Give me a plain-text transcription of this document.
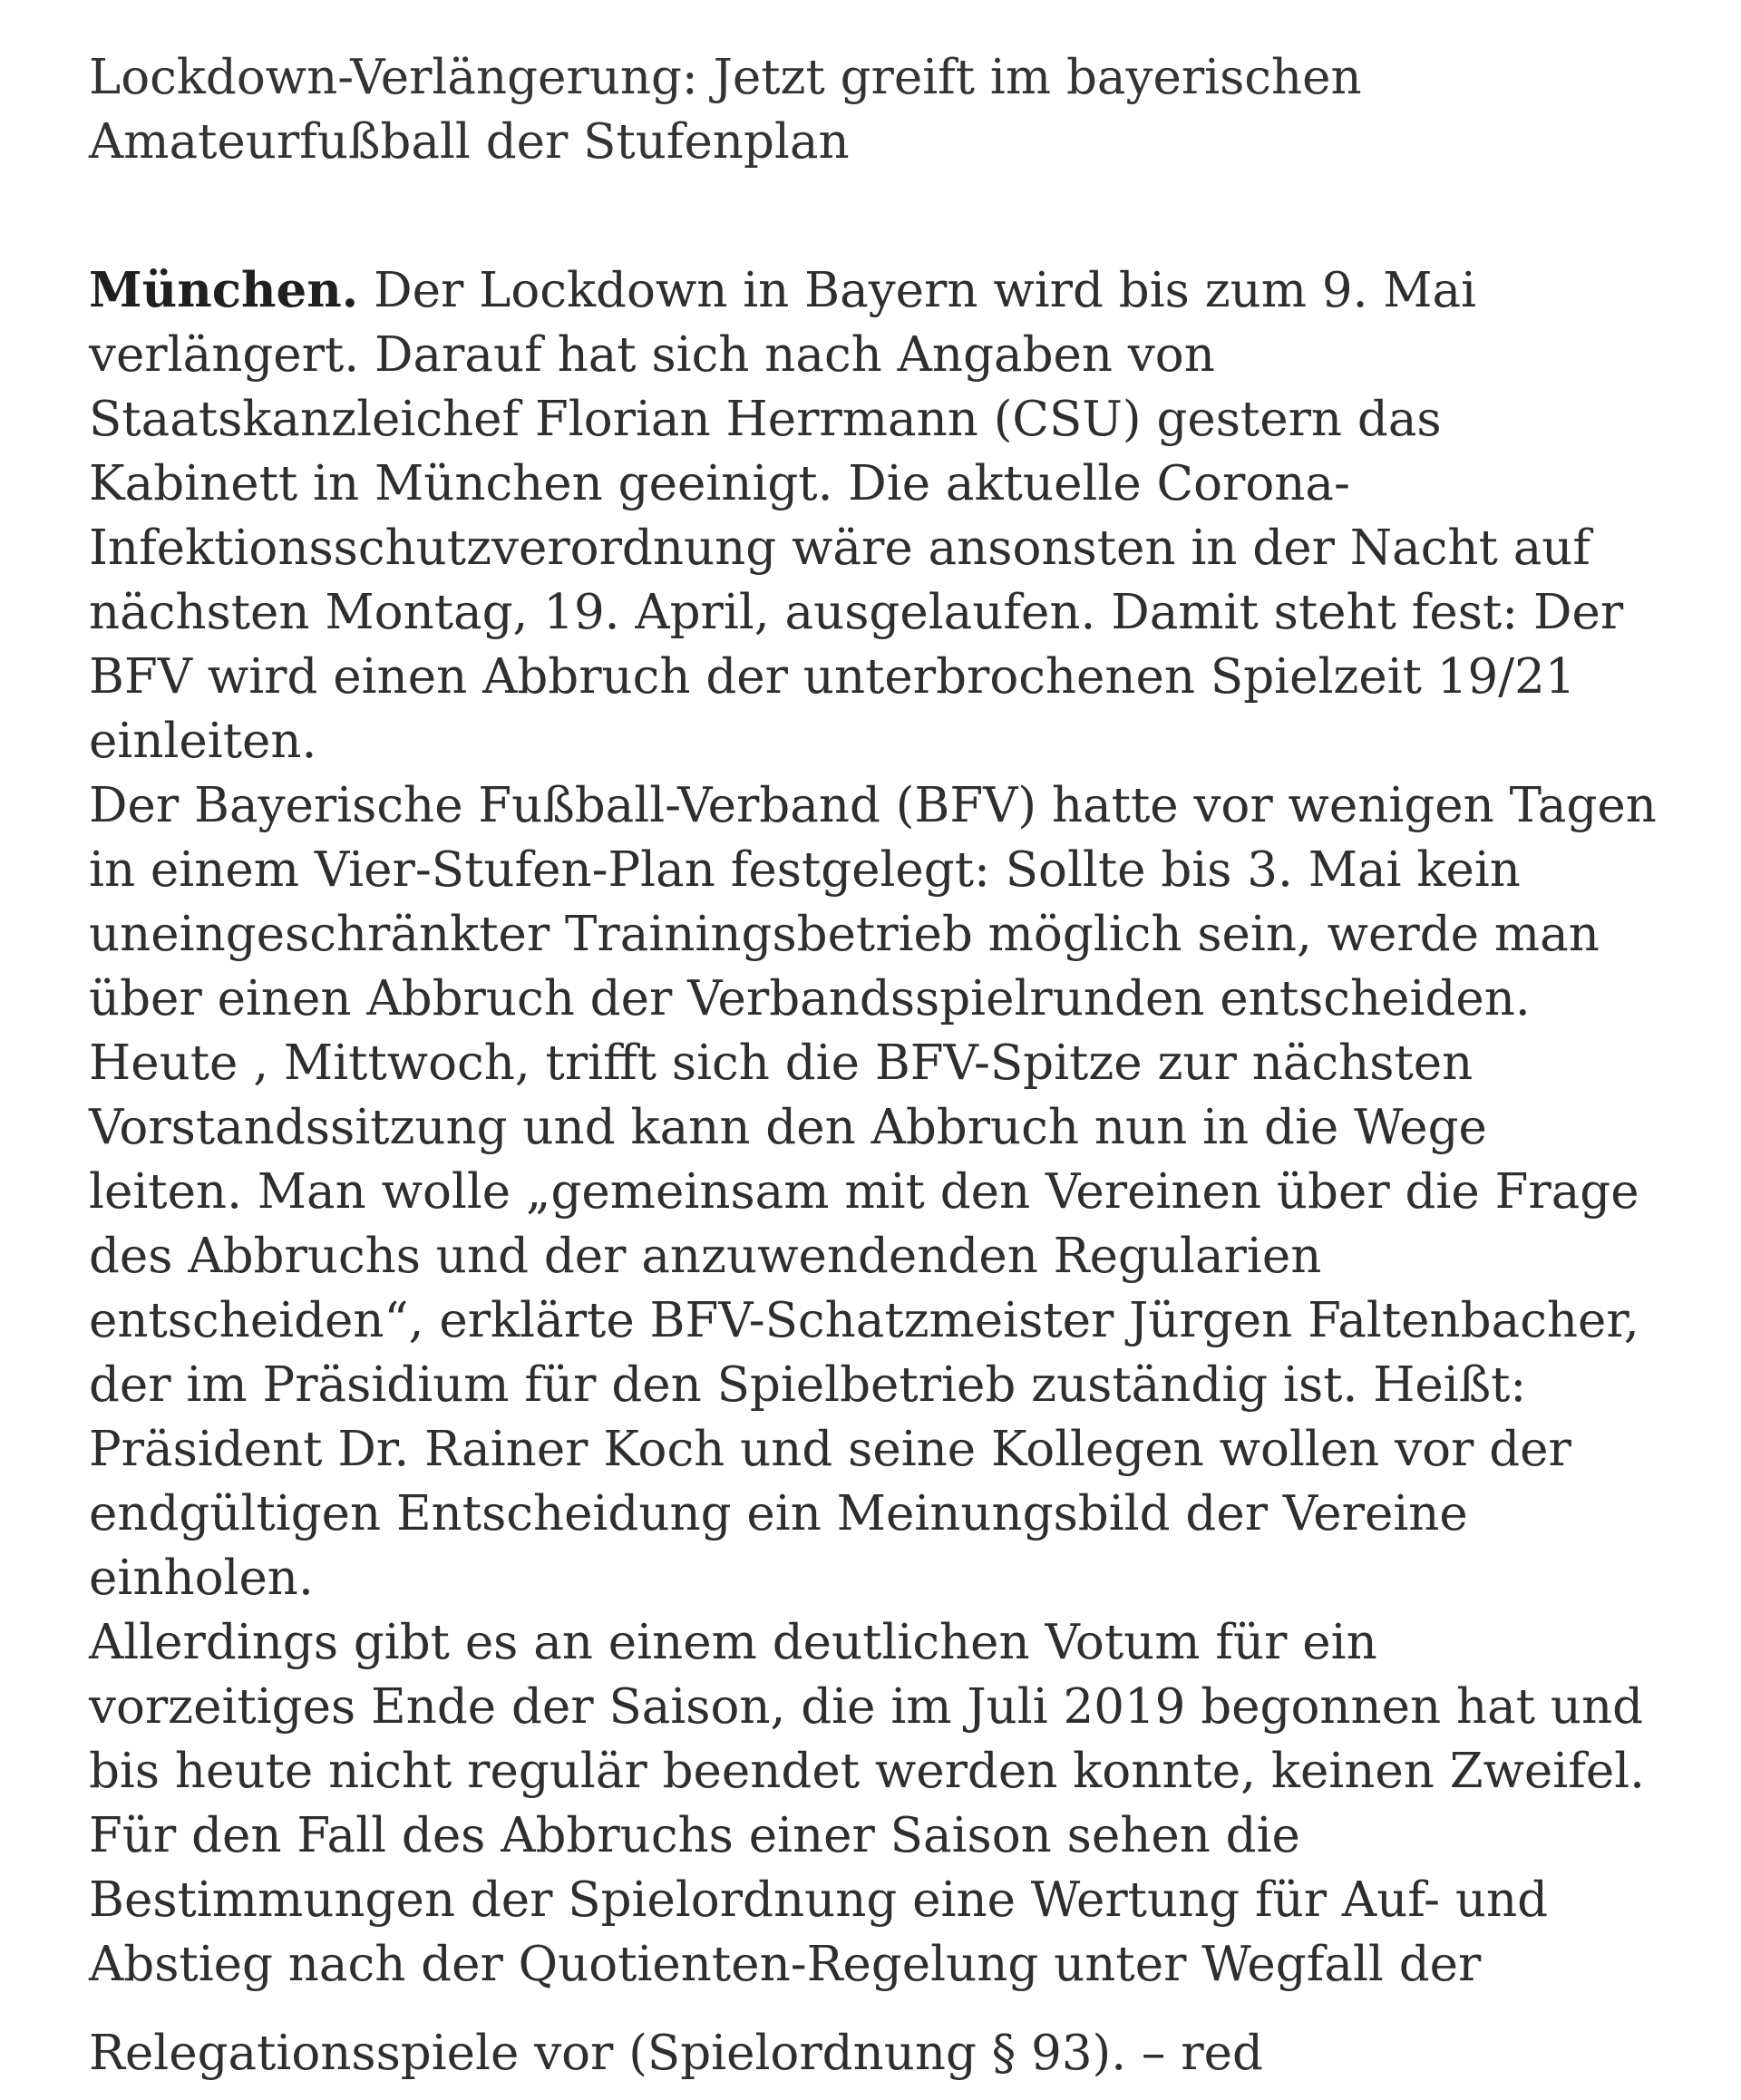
Lockdown-Verlängerung: Jetzt greift im bayerischen
Amateurfußball der Stufenplan

München. Der Lockdown in Bayern wird bis zum 9. Mai
verlängert. Darauf hat sich nach Angaben von
Staatskanzleichef Florian Herrmann (CSU) gestern das
Kabinett in München geeinigt. Die aktuelle Corona-
Infektionsschutzverordnung wäre ansonsten in der Nacht auf
nächsten Montag, 19. April, ausgelaufen. Damit steht fest: Der
BFV wird einen Abbruch der unterbrochenen Spielzeit 19/21
einleiten.

Der Bayerische Fußball-Verband (BFV) hatte vor wenigen Tagen
in einem Vier-Stufen-Plan festgelegt: Sollte bis 3. Mai kein
uneingeschränkter Trainingsbetrieb möglich sein, werde man
über einen Abbruch der Verbandsspielrunden entscheiden.
Heute , Mittwoch, trifft sich die BFV-Spitze zur nächsten
Vorstandssitzung und kann den Abbruch nun in die Wege
leiten. Man wolle „gemeinsam mit den Vereinen über die Frage
des Abbruchs und der anzuwendenden Regularien
entscheiden“, erklärte BFV-Schatzmeister Jürgen Faltenbacher,
der im Präsidium für den Spielbetrieb zuständig ist. Heißt:
Präsident Dr. Rainer Koch und seine Kollegen wollen vor der
endgültigen Entscheidung ein Meinungsbild der Vereine
einholen.

Allerdings gibt es an einem deutlichen Votum für ein
vorzeitiges Ende der Saison, die im Juli 2019 begonnen hat und
bis heute nicht regulär beendet werden konnte, keinen Zweifel.
Für den Fall des Abbruchs einer Saison sehen die
Bestimmungen der Spielordnung eine Wertung für Auf- und
Abstieg nach der Quotienten-Regelung unter Wegfall der
Relegationsspiele vor (Spielordnung § 93). – red
